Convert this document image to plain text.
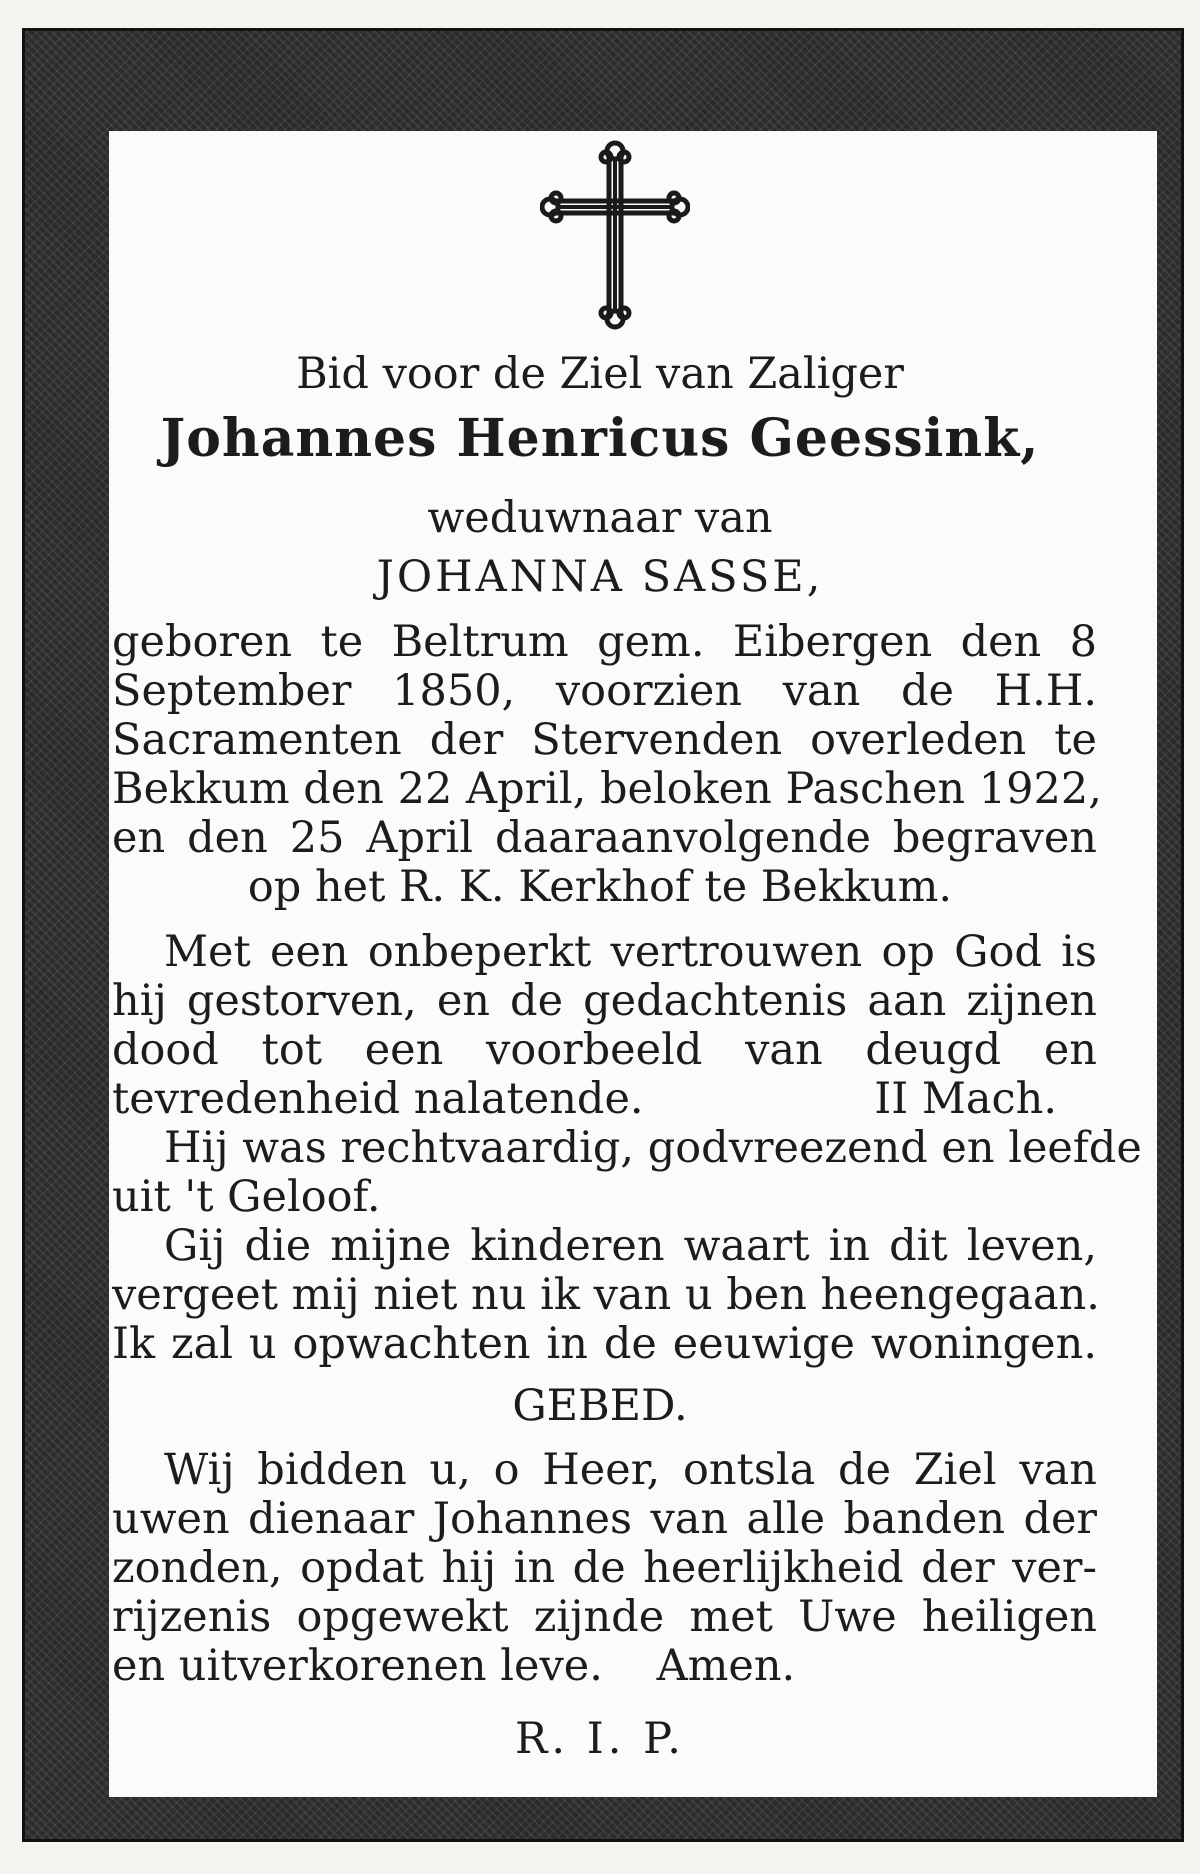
Bid voor de Ziel van Zaliger
Johannes Henricus Geessink,
weduwnaar van
JOHANNA SASSE,
geboren te Beltrum gem. Eibergen den 8
September 1850, voorzien van de H.H.
Sacramenten der Stervenden overleden te
Bekkum den 22 April, beloken Paschen 1922,
en den 25 April daaraanvolgende begraven
op het R. K. Kerkhof te Bekkum.
Met een onbeperkt vertrouwen op God is
hij gestorven, en de gedachtenis aan zijnen
dood tot een voorbeeld van deugd en
tevredenheid nalatende.	II Mach.
Hij was rechtvaardig, godvreezend en leefde
uit 't Geloof.
Gij die mijne kinderen waart in dit leven,
vergeet mij niet nu ik van u ben heengegaan.
Ik zal u opwachten in de eeuwige woningen.
GEBED.
Wij bidden u, o Heer, ontsla de Ziel van
uwen dienaar Johannes van alle banden der
zonden, opdat hij in de heerlijkheid der ver-
rijzenis opgewekt zijnde met Uwe heiligen
en uitverkorenen leve. Amen.
R. I. P.
